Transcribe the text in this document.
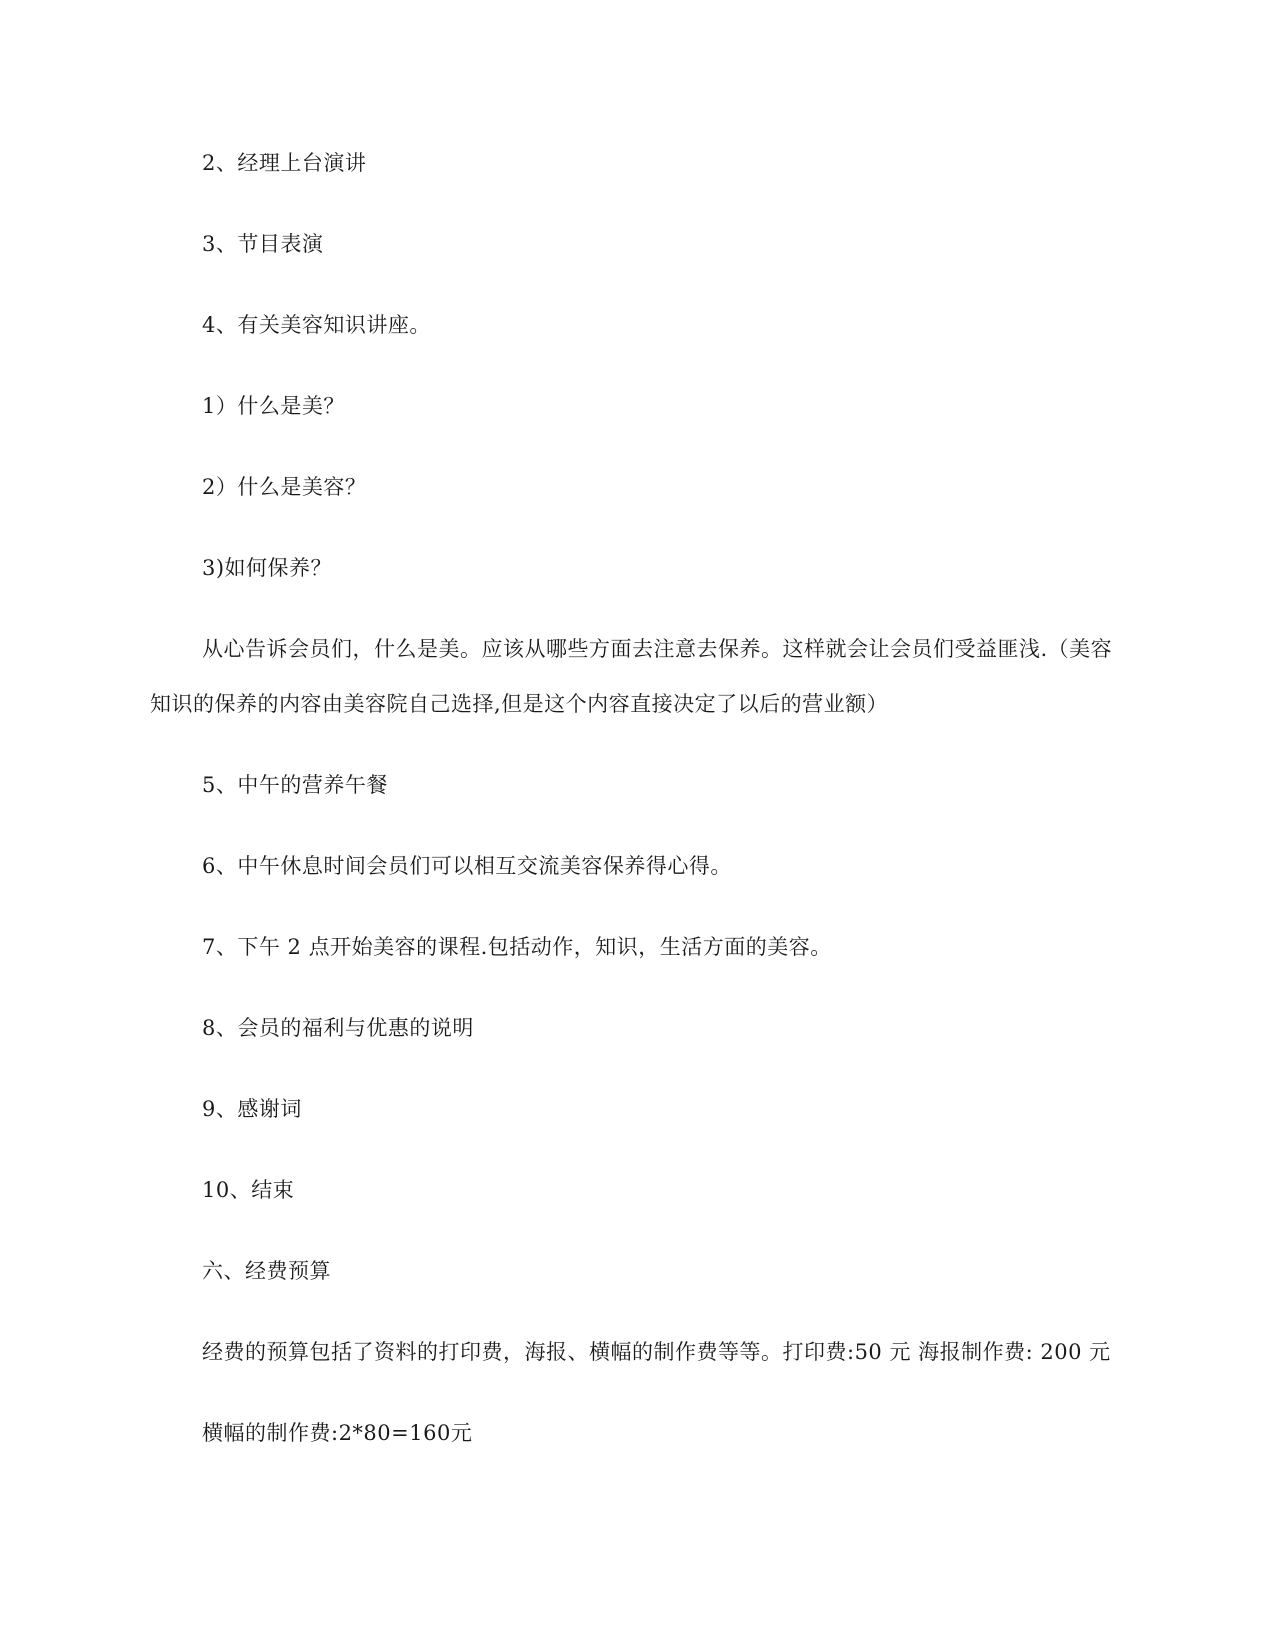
2、经理上台演讲
3、节目表演
4、有关美容知识讲座。
1）什么是美？
2）什么是美容？
3)如何保养？
从心告诉会员们，什么是美。应该从哪些方面去注意去保养。这样就会让会员们受益匪浅.（美容
知识的保养的内容由美容院自己选择,但是这个内容直接决定了以后的营业额）
5、中午的营养午餐
6、中午休息时间会员们可以相互交流美容保养得心得。
7、下午 2 点开始美容的课程.包括动作，知识，生活方面的美容。
8、会员的福利与优惠的说明
9、感谢词
10、结束
六、经费预算
经费的预算包括了资料的打印费，海报、横幅的制作费等等。打印费:50 元 海报制作费: 200 元
横幅的制作费:2*80=160元
